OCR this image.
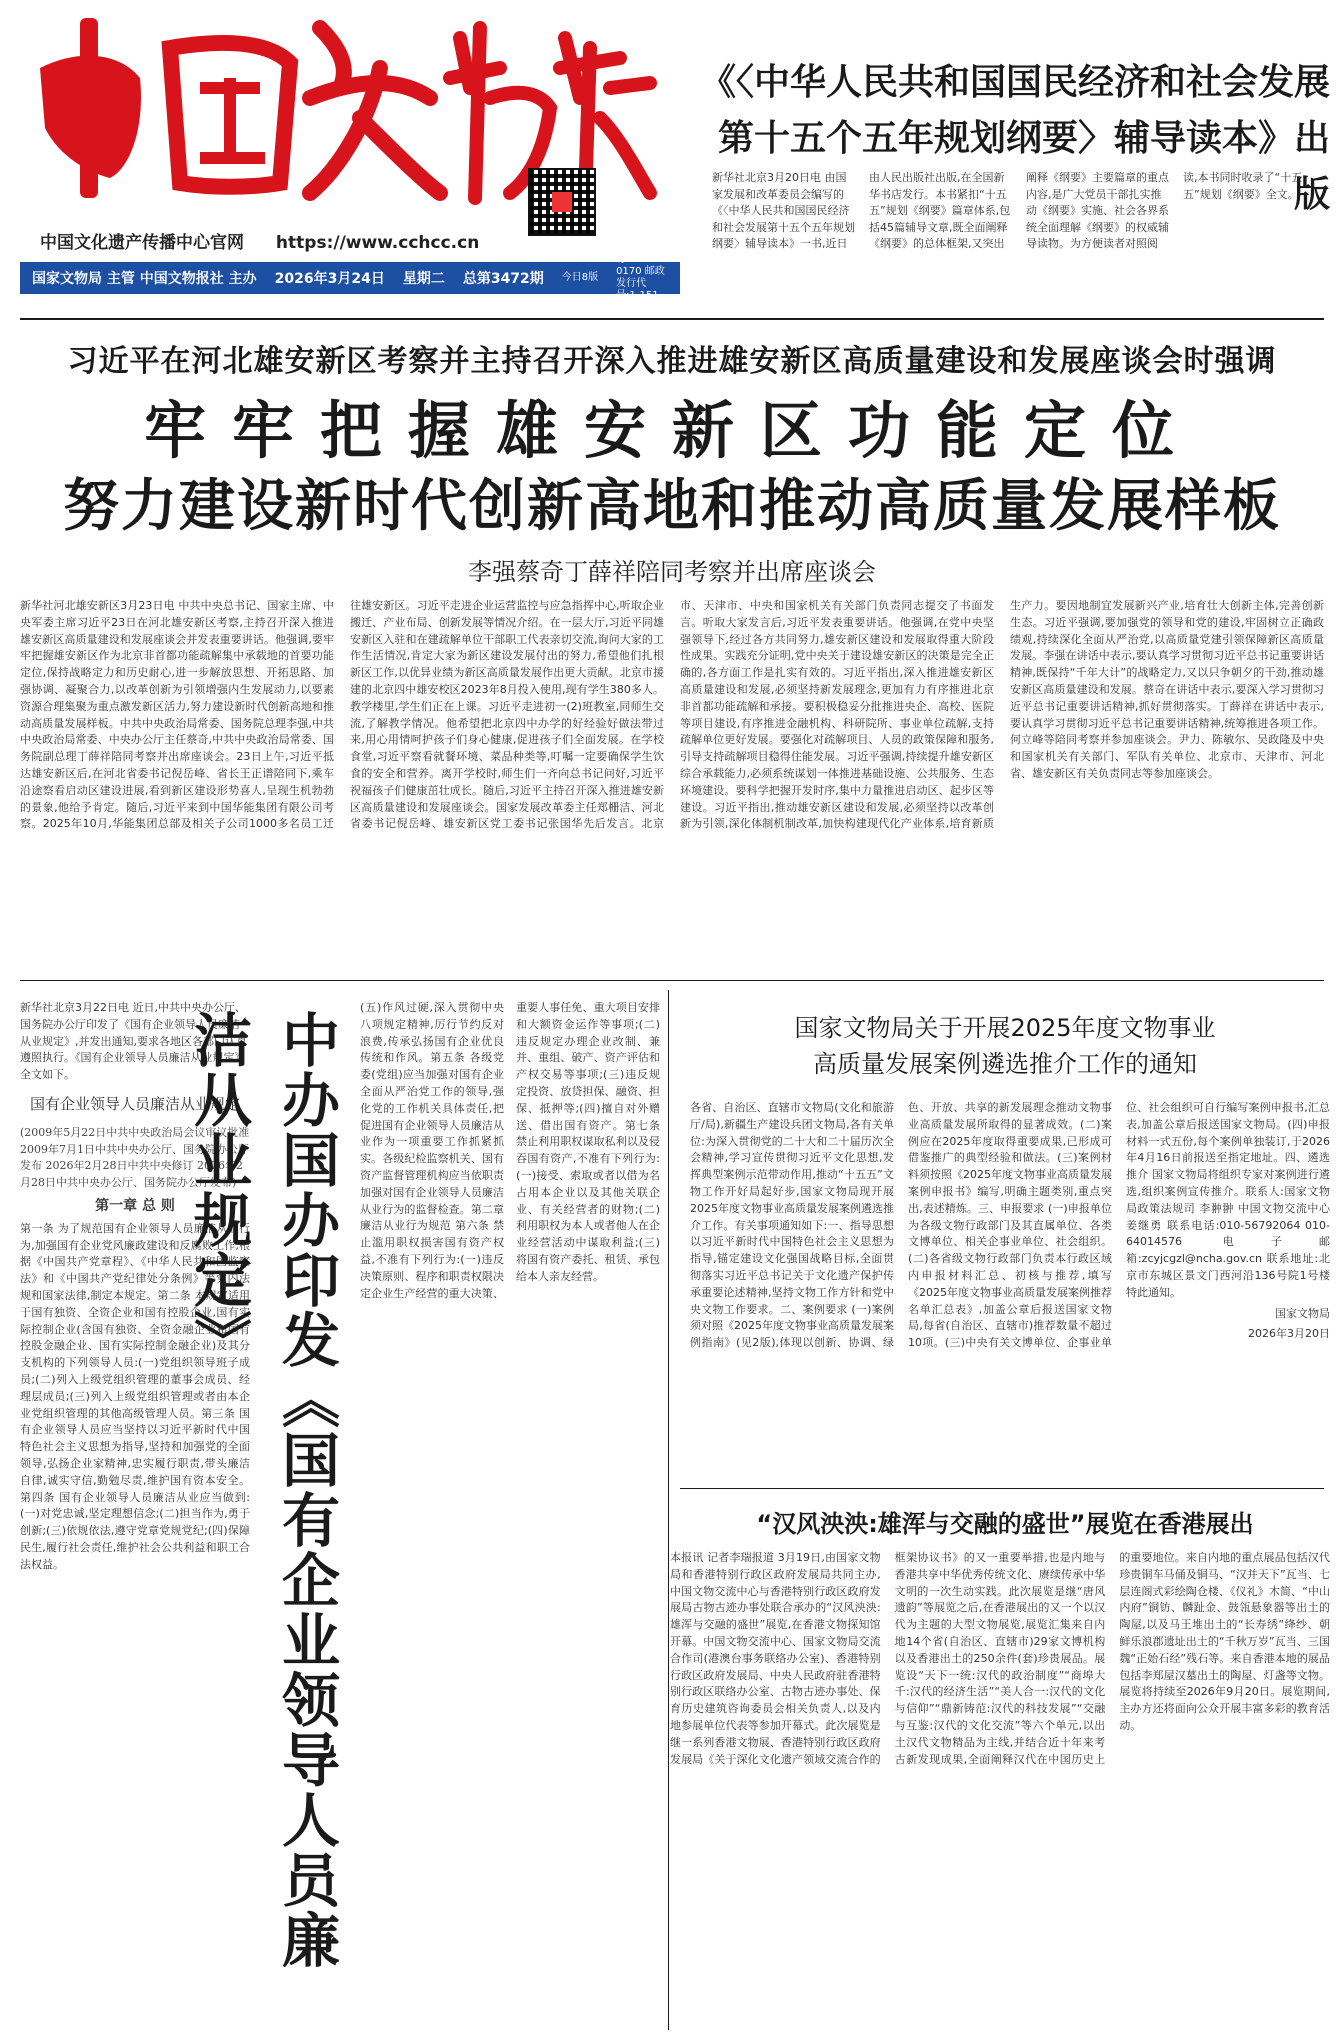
中国文化遗产传播中心官网 https://www.cchcc.cn
国家文物局 主管 中国文物报社 主办 2026年3月24日 星期二 总第3472期 今日8版
国内统一连续出版物号: CN 11-0170 邮政发行代号:1-151 国外发行代
《〈中华人民共和国国民经济和社会发展
第十五个五年规划纲要〉辅导读本》出版
新华社北京3月20日电 由国家发展和改革委员会编写的《〈中华人民共和国国民经济和社会发展第十五个五年规划纲要〉辅导读本》一书,近日由人民出版社出版,在全国新华书店发行。本书紧扣“十五五”规划《纲要》篇章体系,包括45篇辅导文章,既全面阐释《纲要》的总体框架,又突出阐释《纲要》主要篇章的重点内容,是广大党员干部扎实推动《纲要》实施、社会各界系统全面理解《纲要》的权威辅导读物。为方便读者对照阅读,本书同时收录了“十五五”规划《纲要》全文。
习近平在河北雄安新区考察并主持召开深入推进雄安新区高质量建设和发展座谈会时强调
牢牢把握雄安新区功能定位
努力建设新时代创新高地和推动高质量发展样板
李强蔡奇丁薛祥陪同考察并出席座谈会
新华社河北雄安新区3月23日电 中共中央总书记、国家主席、中央军委主席习近平23日在河北雄安新区考察,主持召开深入推进雄安新区高质量建设和发展座谈会并发表重要讲话。他强调,要牢牢把握雄安新区作为北京非首都功能疏解集中承载地的首要功能定位,保持战略定力和历史耐心,进一步解放思想、开拓思路、加强协调、凝聚合力,以改革创新为引领增强内生发展动力,以要素资源合理集聚为重点激发新区活力,努力建设新时代创新高地和推动高质量发展样板。中共中央政治局常委、国务院总理李强,中共中央政治局常委、中央办公厅主任蔡奇,中共中央政治局常委、国务院副总理丁薛祥陪同考察并出席座谈会。23日上午,习近平抵达雄安新区后,在河北省委书记倪岳峰、省长王正谱陪同下,乘车沿途察看启动区建设进展,看到新区建设形势喜人,呈现生机勃勃的景象,他给予肯定。随后,习近平来到中国华能集团有限公司考察。2025年10月,华能集团总部及相关子公司1000多名员工迁往雄安新区。习近平走进企业运营监控与应急指挥中心,听取企业搬迁、产业布局、创新发展等情况介绍。在一层大厅,习近平同雄安新区入驻和在建疏解单位干部职工代表亲切交流,询问大家的工作生活情况,肯定大家为新区建设发展付出的努力,希望他们扎根新区工作,以优异业绩为新区高质量发展作出更大贡献。北京市援建的北京四中雄安校区2023年8月投入使用,现有学生380多人。教学楼里,学生们正在上课。习近平走进初一(2)班教室,同师生交流,了解教学情况。他希望把北京四中办学的好经验好做法带过来,用心用情呵护孩子们身心健康,促进孩子们全面发展。在学校食堂,习近平察看就餐环境、菜品种类等,叮嘱一定要确保学生饮食的安全和营养。离开学校时,师生们一齐向总书记问好,习近平祝福孩子们健康茁壮成长。随后,习近平主持召开深入推进雄安新区高质量建设和发展座谈会。国家发展改革委主任郑栅洁、河北省委书记倪岳峰、雄安新区党工委书记张国华先后发言。北京市、天津市、中央和国家机关有关部门负责同志提交了书面发言。听取大家发言后,习近平发表重要讲话。他强调,在党中央坚强领导下,经过各方共同努力,雄安新区建设和发展取得重大阶段性成果。实践充分证明,党中央关于建设雄安新区的决策是完全正确的,各方面工作是扎实有效的。习近平指出,深入推进雄安新区高质量建设和发展,必须坚持新发展理念,更加有力有序推进北京非首都功能疏解和承接。要积极稳妥分批推进央企、高校、医院等项目建设,有序推进金融机构、科研院所、事业单位疏解,支持疏解单位更好发展。要强化对疏解项目、人员的政策保障和服务,引导支持疏解项目稳得住能发展。习近平强调,持续提升雄安新区综合承载能力,必须系统谋划一体推进基础设施、公共服务、生态环境建设。要科学把握开发时序,集中力量推进启动区、起步区等建设。习近平指出,推动雄安新区建设和发展,必须坚持以改革创新为引领,深化体制机制改革,加快构建现代化产业体系,培育新质生产力。要因地制宜发展新兴产业,培育壮大创新主体,完善创新生态。习近平强调,要加强党的领导和党的建设,牢固树立正确政绩观,持续深化全面从严治党,以高质量党建引领保障新区高质量发展。李强在讲话中表示,要认真学习贯彻习近平总书记重要讲话精神,既保持“千年大计”的战略定力,又以只争朝夕的干劲,推动雄安新区高质量建设和发展。蔡奇在讲话中表示,要深入学习贯彻习近平总书记重要讲话精神,抓好贯彻落实。丁薛祥在讲话中表示,要认真学习贯彻习近平总书记重要讲话精神,统筹推进各项工作。何立峰等陪同考察并参加座谈会。尹力、陈敏尔、吴政隆及中央和国家机关有关部门、军队有关单位、北京市、天津市、河北省、雄安新区有关负责同志等参加座谈会。
新华社北京3月22日电 近日,中共中央办公厅、国务院办公厅印发了《国有企业领导人员廉洁从业规定》,并发出通知,要求各地区各部门认真遵照执行。《国有企业领导人员廉洁从业规定》全文如下。
国有企业领导人员廉洁从业规定
(2009年5月22日中共中央政治局会议审议批准 2009年7月1日中共中央办公厅、国务院办公厅发布 2026年2月28日中共中央修订 2026年2月28日中共中央办公厅、国务院办公厅发布)
第一章 总 则
第一条 为了规范国有企业领导人员廉洁从业行为,加强国有企业党风廉政建设和反腐败工作,根据《中国共产党章程》、《中华人民共和国监察法》和《中国共产党纪律处分条例》等党内法规和国家法律,制定本规定。第二条 本规定适用于国有独资、全资企业和国有控股企业,国有实际控制企业(含国有独资、全资金融企业和国有控股金融企业、国有实际控制金融企业)及其分支机构的下列领导人员:(一)党组织领导班子成员;(二)列入上级党组织管理的董事会成员、经理层成员;(三)列入上级党组织管理或者由本企业党组织管理的其他高级管理人员。第三条 国有企业领导人员应当坚持以习近平新时代中国特色社会主义思想为指导,坚持和加强党的全面领导,弘扬企业家精神,忠实履行职责,带头廉洁自律,诚实守信,勤勉尽责,维护国有资本安全。第四条 国有企业领导人员廉洁从业应当做到:(一)对党忠诚,坚定理想信念;(二)担当作为,勇于创新;(三)依规依法,遵守党章党规党纪;(四)保障民生,履行社会责任,维护社会公共利益和职工合法权益。	中办国办印发《国有企业领导人员廉洁从业规定》
(五)作风过硬,深入贯彻中央八项规定精神,厉行节约反对浪费,传承弘扬国有企业优良传统和作风。第五条 各级党委(党组)应当加强对国有企业全面从严治党工作的领导,强化党的工作机关具体责任,把促进国有企业领导人员廉洁从业作为一项重要工作抓紧抓实。各级纪检监察机关、国有资产监督管理机构应当依职责加强对国有企业领导人员廉洁从业行为的监督检查。第二章 廉洁从业行为规范 第六条 禁止滥用职权损害国有资产权益,不准有下列行为:(一)违反决策原则、程序和职责权限决定企业生产经营的重大决策、重要人事任免、重大项目安排和大额资金运作等事项;(二)违反规定办理企业改制、兼并、重组、破产、资产评估和产权交易等事项;(三)违反规定投资、放贷担保、融资、担保、抵押等;(四)擅自对外赠送、借出国有资产。第七条 禁止利用职权谋取私利以及侵吞国有资产,不准有下列行为:(一)接受、索取或者以借为名占用本企业以及其他关联企业、有关经营者的财物;(二)利用职权为本人或者他人在企业经营活动中谋取利益;(三)将国有资产委托、租赁、承包给本人亲友经营。
国家文物局关于开展2025年度文物事业
高质量发展案例遴选推介工作的通知
各省、自治区、直辖市文物局(文化和旅游厅/局),新疆生产建设兵团文物局,各有关单位:为深入贯彻党的二十大和二十届历次全会精神,学习宣传贯彻习近平文化思想,发挥典型案例示范带动作用,推动“十五五”文物工作开好局起好步,国家文物局现开展2025年度文物事业高质量发展案例遴选推介工作。有关事项通知如下:一、指导思想 以习近平新时代中国特色社会主义思想为指导,锚定建设文化强国战略目标,全面贯彻落实习近平总书记关于文化遗产保护传承重要论述精神,坚持文物工作方针和党中央文物工作要求。二、案例要求 (一)案例须对照《2025年度文物事业高质量发展案例指南》(见2版),体现以创新、协调、绿色、开放、共享的新发展理念推动文物事业高质量发展所取得的显著成效。(二)案例应在2025年度取得重要成果,已形成可借鉴推广的典型经验和做法。(三)案例材料须按照《2025年度文物事业高质量发展案例申报书》编写,明确主题类别,重点突出,表述精炼。三、申报要求 (一)申报单位为各级文物行政部门及其直属单位、各类文博单位、相关企事业单位、社会组织。(二)各省级文物行政部门负责本行政区域内申报材料汇总、初核与推荐,填写《2025年度文物事业高质量发展案例推荐名单汇总表》,加盖公章后报送国家文物局,每省(自治区、直辖市)推荐数量不超过10项。(三)中央有关文博单位、企事业单位、社会组织可自行编写案例申报书,汇总表,加盖公章后报送国家文物局。(四)申报材料一式五份,每个案例单独装订,于2026年4月16日前报送至指定地址。四、遴选推介 国家文物局将组织专家对案例进行遴选,组织案例宣传推介。联系人:国家文物局政策法规司 李翀翀 中国文物交流中心 姜继勇 联系电话:010-56792064 010-64014576 电子邮箱:zcyjcgzl@ncha.gov.cn 联系地址:北京市东城区景文门西河沿136号院1号楼 特此通知。
国家文物局
2026年3月20日
“汉风泱泱:雄浑与交融的盛世”展览在香港展出
本报讯 记者李瑞报道 3月19日,由国家文物局和香港特别行政区政府发展局共同主办,中国文物交流中心与香港特别行政区政府发展局古物古迹办事处联合承办的“汉风泱泱:雄浑与交融的盛世”展览,在香港文物探知馆开幕。中国文物交流中心、国家文物局交流合作司(港澳台事务联络办公室)、香港特别行政区政府发展局、中央人民政府驻香港特别行政区联络办公室、古物古迹办事处、保育历史建筑咨询委员会相关负责人,以及内地参展单位代表等参加开幕式。此次展览是继一系列香港文物展、香港特别行政区政府发展局《关于深化文化遗产领域交流合作的框架协议书》的又一重要举措,也是内地与香港共享中华优秀传统文化、赓续传承中华文明的一次生动实践。此次展览是继“唐风遗韵”等展览之后,在香港展出的又一个以汉代为主题的大型文物展览,展览汇集来自内地14个省(自治区、直辖市)29家文博机构以及香港出土的250余件(套)珍贵展品。展览设“天下一统:汉代的政治制度”“商埠大千:汉代的经济生活”“美人合一:汉代的文化与信仰”“鼎新铸范:汉代的科技发展”“交融与互鉴:汉代的文化交流”等六个单元,以出土汉代文物精品为主线,并结合近十年来考古新发现成果,全面阐释汉代在中国历史上的重要地位。来自内地的重点展品包括汉代珍贵铜车马俑及铜马、“汉并天下”瓦当、七层连阁式彩绘陶仓楼、《仪礼》木简、“中山内府”铜钫、麟趾金、鼓瓴悬象器等出土的陶屋,以及马王堆出土的“长寿绣”绛纱、朝鲜乐浪郡遗址出土的“千秋万岁”瓦当、三国魏“正始石经”残石等。来自香港本地的展品包括李郑屋汉墓出土的陶屋、灯盏等文物。展览将持续至2026年9月20日。展览期间,主办方还将面向公众开展丰富多彩的教育活动。
